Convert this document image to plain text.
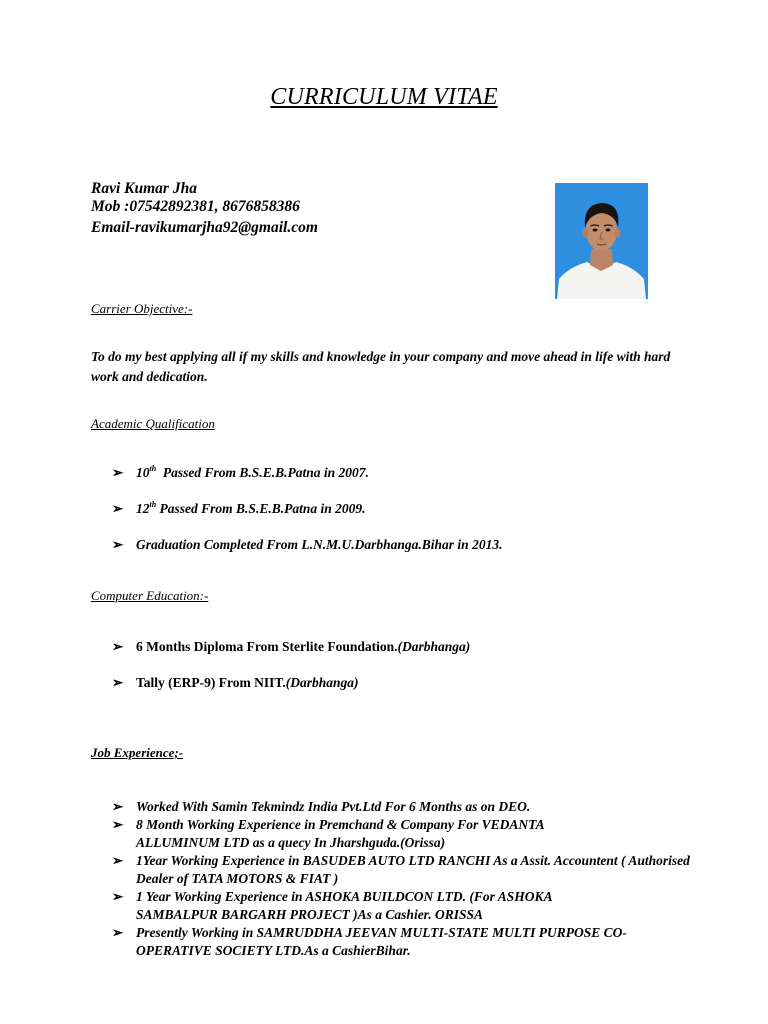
CURRICULUM VITAE
Ravi Kumar Jha
Mob :07542892381, 8676858386
Email-ravikumarjha92@gmail.com
Carrier Objective:-
To do my best applying all if my skills and knowledge in your company and move ahead in life with hard work and dedication.
Academic Qualification
➢ 10th  Passed From B.S.E.B.Patna in 2007.
➢ 12th Passed From B.S.E.B.Patna in 2009.
➢ Graduation Completed From L.N.M.U.Darbhanga.Bihar in 2013.
Computer Education:-
➢ 6 Months Diploma From Sterlite Foundation.(Darbhanga)
➢ Tally (ERP-9) From NIIT.(Darbhanga)
Job Experience;-
➢ Worked With Samin Tekmindz India Pvt.Ltd For 6 Months as on DEO.
➢ 8 Month Working Experience in Premchand & Company For VEDANTA ALLUMINUM LTD as a quecy In Jharshguda.(Orissa)
➢ 1Year Working Experience in BASUDEB AUTO LTD RANCHI As a Assit. Accountent ( Authorised Dealer of TATA MOTORS & FIAT )
➢ 1 Year Working Experience in ASHOKA BUILDCON LTD. (For ASHOKA SAMBALPUR BARGARH PROJECT )As a Cashier. ORISSA
➢ Presently Working in SAMRUDDHA JEEVAN MULTI-STATE MULTI PURPOSE CO-OPERATIVE SOCIETY LTD.As a CashierBihar.
